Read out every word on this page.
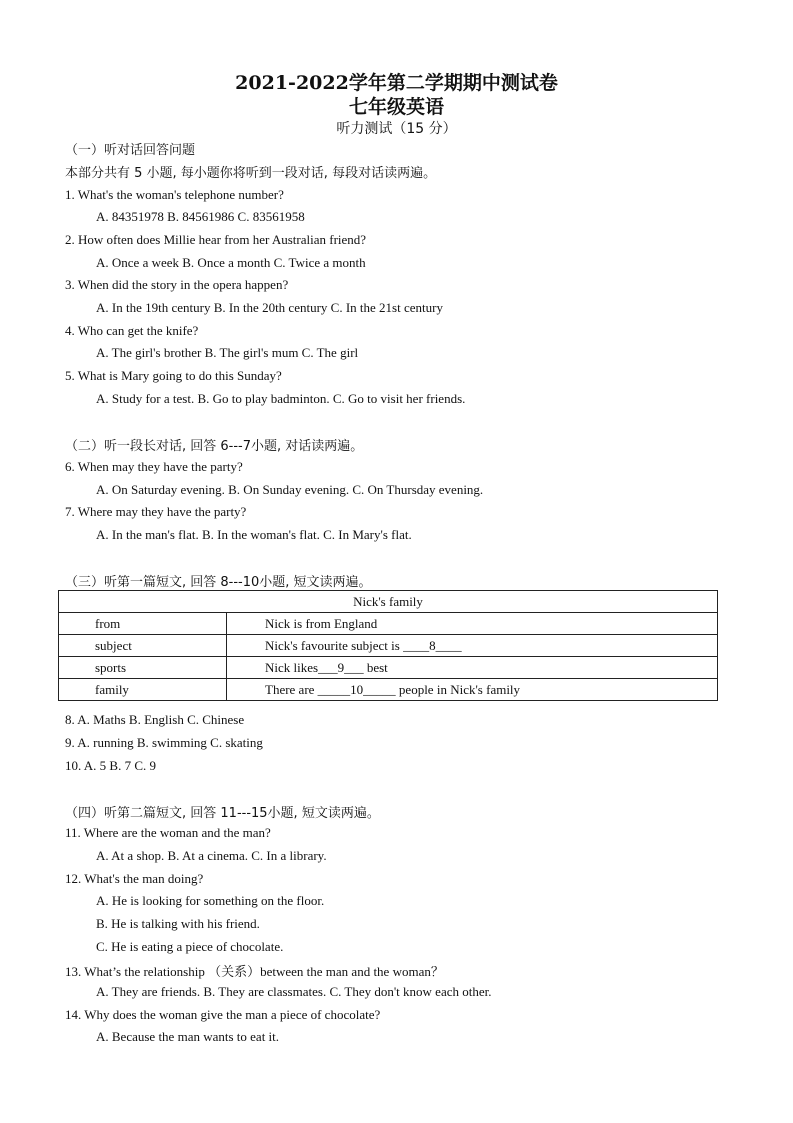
2021-2022学年第二学期期中测试卷
七年级英语
听力测试（15 分）
（一）听对话回答问题
本部分共有 5 小题, 每小题你将听到一段对话, 每段对话读两遍。
1. What's the woman's telephone number?
A. 84351978 B. 84561986 C. 83561958
2. How often does Millie hear from her Australian friend?
A. Once a week B. Once a month C. Twice a month
3. When did the story in the opera happen?
A. In the 19th century B. In the 20th century C. In the 21st century
4. Who can get the knife?
A. The girl's brother B. The girl's mum C. The girl
5. What is Mary going to do this Sunday?
A. Study for a test. B. Go to play badminton. C. Go to visit her friends.
（二）听一段长对话, 回答 6---7小题, 对话读两遍。
6. When may they have the party?
A. On Saturday evening. B. On Sunday evening. C. On Thursday evening.
7. Where may they have the party?
A. In the man's flat. B. In the woman's flat. C. In Mary's flat.
（三）听第一篇短文, 回答 8---10小题, 短文读两遍。
Nick's family	
from	Nick is from England
subject	Nick's favourite subject is ____8____
sports	Nick likes___9___ best
family	There are _____10_____ people in Nick's family
8. A. Maths B. English C. Chinese
9. A. running B. swimming C. skating
10. A. 5 B. 7 C. 9
（四）听第二篇短文, 回答 11---15小题, 短文读两遍。
11. Where are the woman and the man?
A. At a shop. B. At a cinema. C. In a library.
12. What's the man doing?
A. He is looking for something on the floor.
B. He is talking with his friend.
C. He is eating a piece of chocolate.
13. What’s the relationship （关系）between the man and the woman？
A. They are friends. B. They are classmates. C. They don't know each other.
14. Why does the woman give the man a piece of chocolate?
A. Because the man wants to eat it.
